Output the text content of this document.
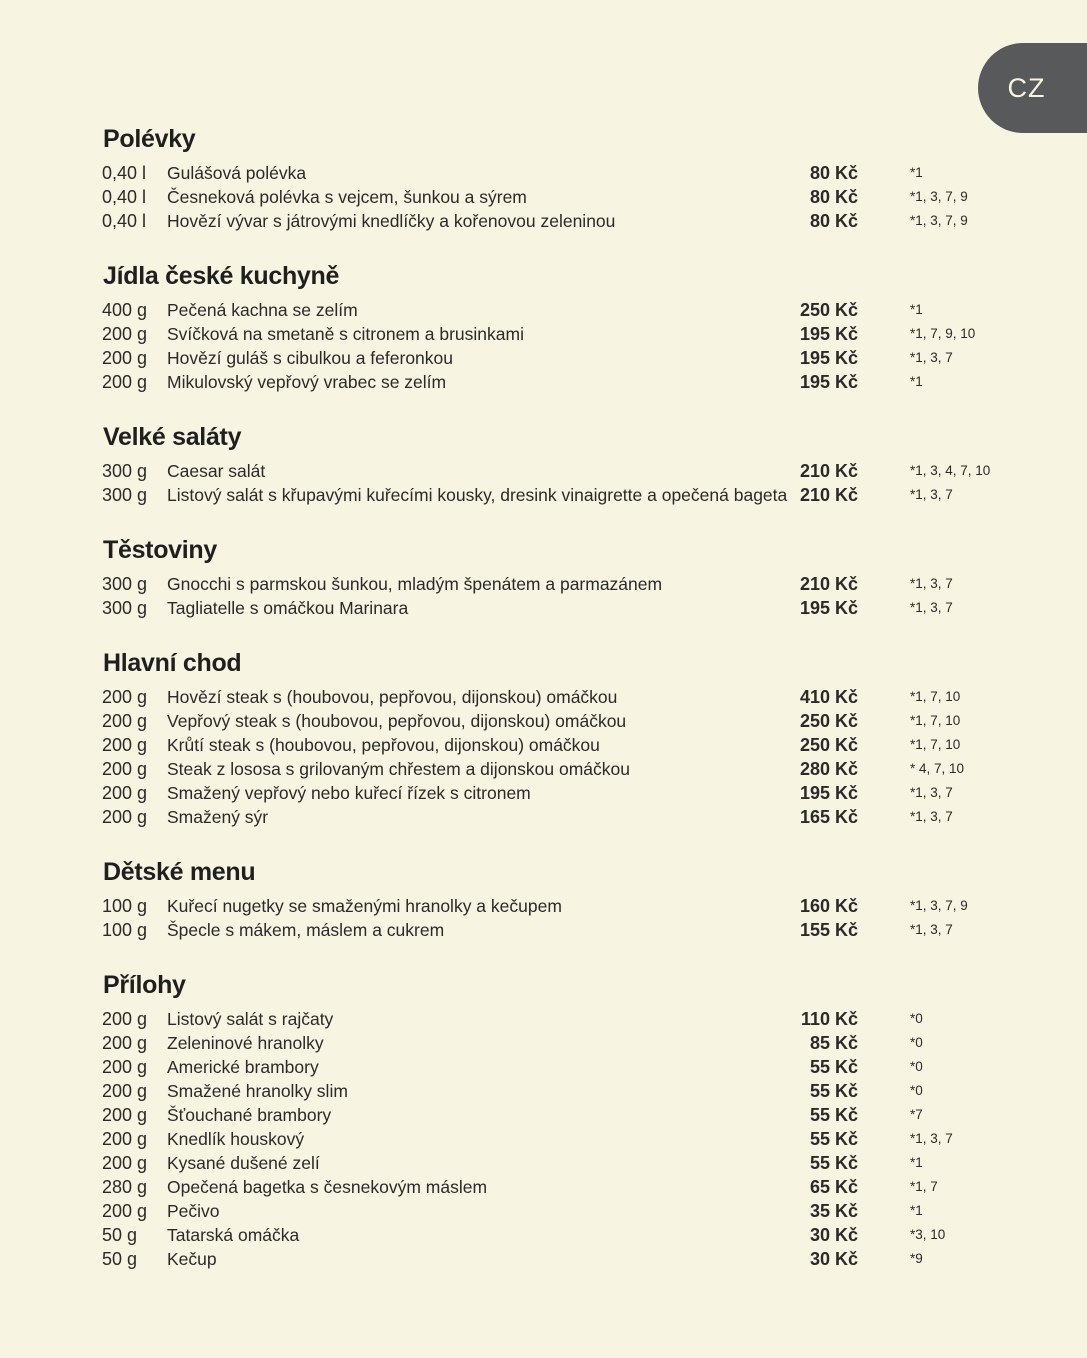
CZ
Polévky
0,40 l	Gulášová polévka	80 Kč	*1
0,40 l	Česneková polévka s vejcem, šunkou a sýrem	80 Kč	*1, 3, 7, 9
0,40 l	Hovězí vývar s játrovými knedlíčky a kořenovou zeleninou	80 Kč	*1, 3, 7, 9
Jídla české kuchyně
400 g	Pečená kachna se zelím	250 Kč	*1
200 g	Svíčková na smetaně s citronem a brusinkami	195 Kč	*1, 7, 9, 10
200 g	Hovězí guláš s cibulkou a feferonkou	195 Kč	*1, 3, 7
200 g	Mikulovský vepřový vrabec se zelím	195 Kč	*1
Velké saláty
300 g	Caesar salát	210 Kč	*1, 3, 4, 7, 10
300 g	Listový salát s křupavými kuřecími kousky, dresink vinaigrette a opečená bageta 210 Kč	*1, 3, 7
Těstoviny
300 g	Gnocchi s parmskou šunkou, mladým špenátem a parmazánem	210 Kč	*1, 3, 7
300 g	Tagliatelle s omáčkou Marinara	195 Kč	*1, 3, 7
Hlavní chod
200 g	Hovězí steak s (houbovou, pepřovou, dijonskou) omáčkou	410 Kč	*1, 7, 10
200 g	Vepřový steak s (houbovou, pepřovou, dijonskou) omáčkou	250 Kč	*1, 7, 10
200 g	Krůtí steak s (houbovou, pepřovou, dijonskou) omáčkou	250 Kč	*1, 7, 10
200 g	Steak z lososa s grilovaným chřestem a dijonskou omáčkou	280 Kč	* 4, 7, 10
200 g	Smažený vepřový nebo kuřecí řízek s citronem	195 Kč	*1, 3, 7
200 g	Smažený sýr	165 Kč	*1, 3, 7
Dětské menu
100 g	Kuřecí nugetky se smaženými hranolky a kečupem	160 Kč	*1, 3, 7, 9
100 g	Špecle s mákem, máslem a cukrem	155 Kč	*1, 3, 7
Přílohy
200 g	Listový salát s rajčaty	110 Kč	*0
200 g	Zeleninové hranolky	85 Kč	*0
200 g	Americké brambory	55 Kč	*0
200 g	Smažené hranolky slim	55 Kč	*0
200 g	Šťouchané brambory	55 Kč	*7
200 g	Knedlík houskový	55 Kč	*1, 3, 7
200 g	Kysané dušené zelí	55 Kč	*1
280 g	Opečená bagetka s česnekovým máslem	65 Kč	*1, 7
200 g	Pečivo	35 Kč	*1
50 g	Tatarská omáčka	30 Kč	*3, 10
50 g	Kečup	30 Kč	*9
